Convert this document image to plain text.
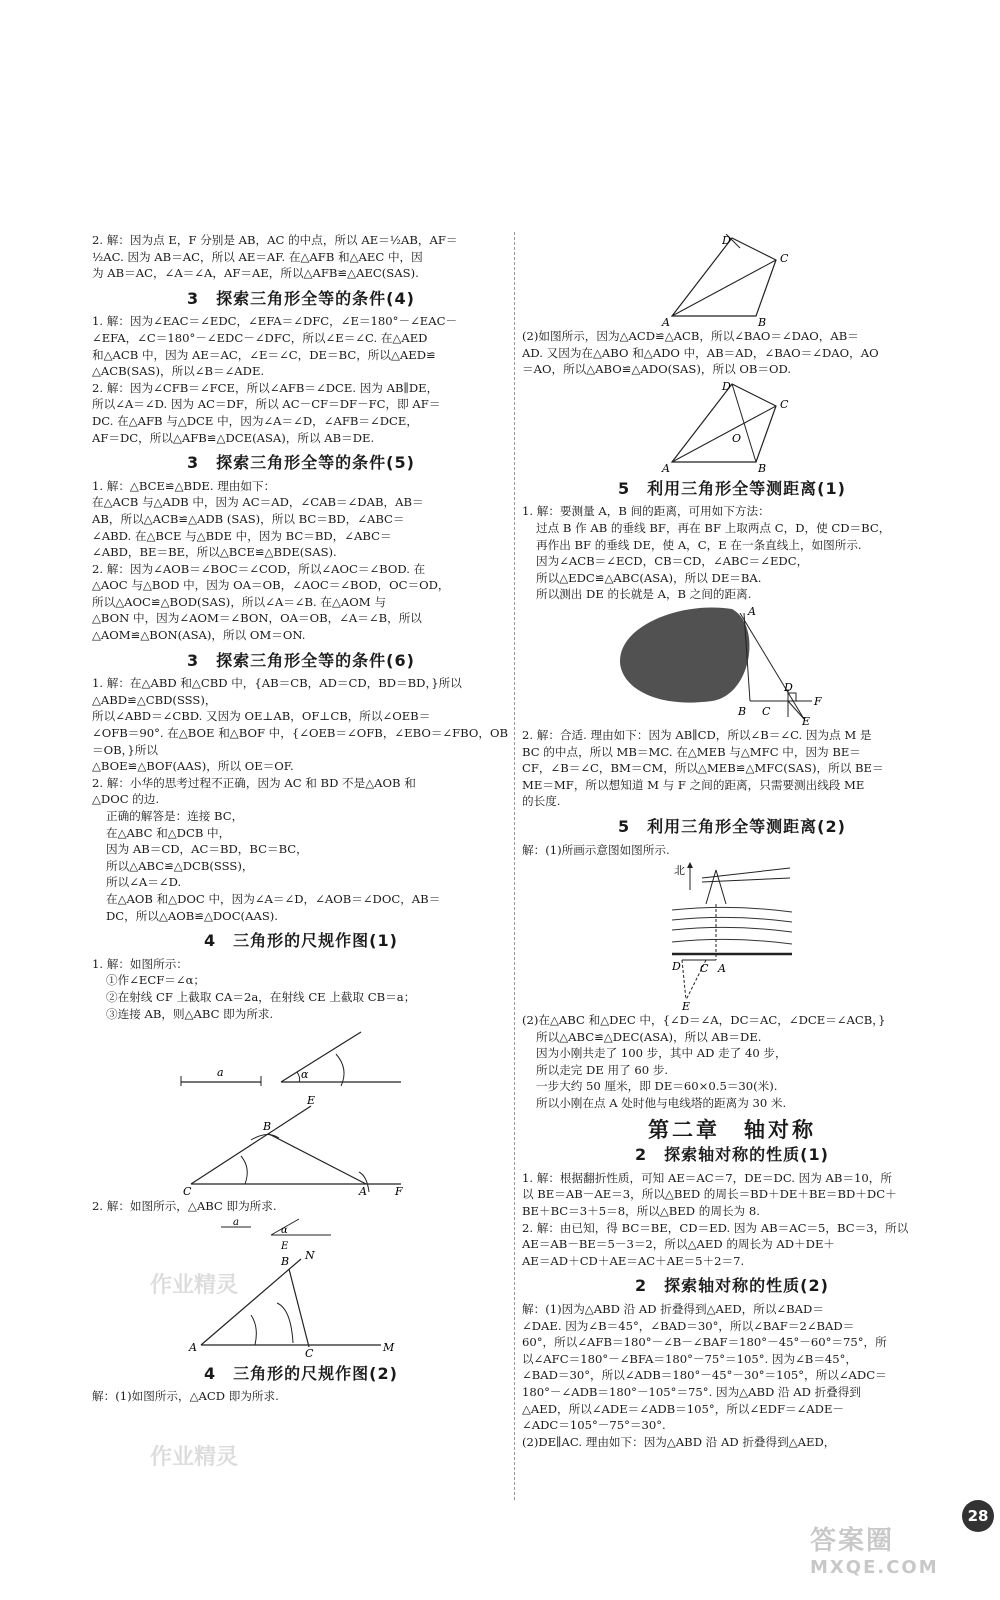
2. 解：因为点 E，F 分别是 AB，AC 的中点，所以 AE＝½AB，AF＝

½AC. 因为 AB＝AC，所以 AE＝AF. 在△AFB 和△AEC 中，因

为 AB＝AC，∠A＝∠A，AF＝AE，所以△AFB≌△AEC(SAS).

3　探索三角形全等的条件(4)

1. 解：因为∠EAC＝∠EDC，∠EFA＝∠DFC，∠E＝180°－∠EAC－

∠EFA，∠C＝180°－∠EDC－∠DFC，所以∠E＝∠C. 在△AED

和△ACB 中，因为 AE＝AC，∠E＝∠C，DE＝BC，所以△AED≌

△ACB(SAS)，所以∠B＝∠ADE.

2. 解：因为∠CFB＝∠FCE，所以∠AFB＝∠DCE. 因为 AB∥DE，

所以∠A＝∠D. 因为 AC＝DF，所以 AC－CF＝DF－FC，即 AF＝

DC. 在△AFB 与△DCE 中，因为∠A＝∠D，∠AFB＝∠DCE，

AF＝DC，所以△AFB≌△DCE(ASA)，所以 AB＝DE.

3　探索三角形全等的条件(5)

1. 解：△BCE≌△BDE. 理由如下：

在△ACB 与△ADB 中，因为 AC＝AD，∠CAB＝∠DAB，AB＝

AB，所以△ACB≌△ADB (SAS)，所以 BC＝BD，∠ABC＝

∠ABD. 在△BCE 与△BDE 中，因为 BC＝BD，∠ABC＝

∠ABD，BE＝BE，所以△BCE≌△BDE(SAS).

2. 解：因为∠AOB＝∠BOC＝∠COD，所以∠AOC＝∠BOD. 在

△AOC 与△BOD 中，因为 OA＝OB，∠AOC＝∠BOD，OC＝OD，

所以△AOC≌△BOD(SAS)，所以∠A＝∠B. 在△AOM 与

△BON 中，因为∠AOM＝∠BON，OA＝OB，∠A＝∠B，所以

△AOM≌△BON(ASA)，所以 OM＝ON.

3　探索三角形全等的条件(6)

1. 解：在△ABD 和△CBD 中，{AB＝CB，AD＝CD，BD＝BD，}所以△ABD≌△CBD(SSS)，

所以∠ABD＝∠CBD. 又因为 OE⊥AB，OF⊥CB，所以∠OEB＝

∠OFB＝90°. 在△BOE 和△BOF 中，{∠OEB＝∠OFB，∠EBO＝∠FBO，OB＝OB，}所以

△BOE≌△BOF(AAS)，所以 OE＝OF.

2. 解：小华的思考过程不正确，因为 AC 和 BD 不是△AOB 和

△DOC 的边.

正确的解答是：连接 BC，

在△ABC 和△DCB 中，

因为 AB＝CD，AC＝BD，BC＝BC，

所以△ABC≌△DCB(SSS)，

所以∠A＝∠D.

在△AOB 和△DOC 中，因为∠A＝∠D，∠AOB＝∠DOC，AB＝

DC，所以△AOB≌△DOC(AAS).

4　三角形的尺规作图(1)

1. 解：如图所示：

①作∠ECF＝∠α；

②在射线 CF 上截取 CA＝2a，在射线 CE 上截取 CB＝a；

③连接 AB，则△ABC 即为所求.

a	α
C
B
E
A	F

2. 解：如图所示，△ABC 即为所求.

a
α
E
A
B N
C	M
4　三角形的尺规作图(2)

解：(1)如图所示，△ACD 即为所求.

A	B
C
D

(2)如图所示，因为△ACD≌△ACB，所以∠BAO＝∠DAO，AB＝

AD. 又因为在△ABO 和△ADO 中，AB＝AD，∠BAO＝∠DAO，AO

＝AO，所以△ABO≌△ADO(SAS)，所以 OB＝OD.

A	B
C
D
O
5　利用三角形全等测距离(1)

1. 解：要测量 A，B 间的距离，可用如下方法：

过点 B 作 AB 的垂线 BF，再在 BF 上取两点 C，D，使 CD＝BC，

再作出 BF 的垂线 DE，使 A，C，E 在一条直线上，如图所示.

因为∠ACB＝∠ECD，CB＝CD，∠ABC＝∠EDC，

所以△EDC≌△ABC(ASA)，所以 DE＝BA.

所以测出 DE 的长就是 A，B 之间的距离.

A
B C
D
F
E

2. 解：合适. 理由如下：因为 AB∥CD，所以∠B＝∠C. 因为点 M 是

BC 的中点，所以 MB＝MC. 在△MEB 与△MFC 中，因为 BE＝

CF，∠B＝∠C，BM＝CM，所以△MEB≌△MFC(SAS)，所以 BE＝

ME＝MF，所以想知道 M 与 F 之间的距离，只需要测出线段 ME

的长度.

5　利用三角形全等测距离(2)

解：(1)所画示意图如图所示.

北
D C A
E

(2)在△ABC 和△DEC 中，{∠D＝∠A，DC＝AC，∠DCE＝∠ACB，}

所以△ABC≌△DEC(ASA)，所以 AB＝DE.

因为小刚共走了 100 步，其中 AD 走了 40 步，

所以走完 DE 用了 60 步.

一步大约 50 厘米，即 DE＝60×0.5＝30(米).

所以小刚在点 A 处时他与电线塔的距离为 30 米.

第二章　轴对称
2　探索轴对称的性质(1)

1. 解：根据翻折性质，可知 AE＝AC＝7，DE＝DC. 因为 AB＝10，所

以 BE＝AB－AE＝3，所以△BED 的周长＝BD＋DE＋BE＝BD＋DC＋

BE＋BC＝3＋5＝8，所以△BED 的周长为 8.

2. 解：由已知，得 BC＝BE，CD＝ED. 因为 AB＝AC＝5，BC＝3，所以

AE＝AB－BE＝5－3＝2，所以△AED 的周长为 AD＋DE＋

AE＝AD＋CD＋AE＝AC＋AE＝5＋2＝7.

2　探索轴对称的性质(2)

解：(1)因为△ABD 沿 AD 折叠得到△AED，所以∠BAD＝

∠DAE. 因为∠B＝45°，∠BAD＝30°，所以∠BAF＝2∠BAD＝

60°，所以∠AFB＝180°－∠B－∠BAF＝180°－45°－60°＝75°，所

以∠AFC＝180°－∠BFA＝180°－75°＝105°. 因为∠B＝45°，

∠BAD＝30°，所以∠ADB＝180°－45°－30°＝105°，所以∠ADC＝

180°－∠ADB＝180°－105°＝75°. 因为△ABD 沿 AD 折叠得到

△AED，所以∠ADE＝∠ADB＝105°，所以∠EDF＝∠ADE－

∠ADC＝105°－75°＝30°.

(2)DE∥AC. 理由如下：因为△ABD 沿 AD 折叠得到△AED，

作业精灵
作业精灵
28
答案圈
MXQE.COM
